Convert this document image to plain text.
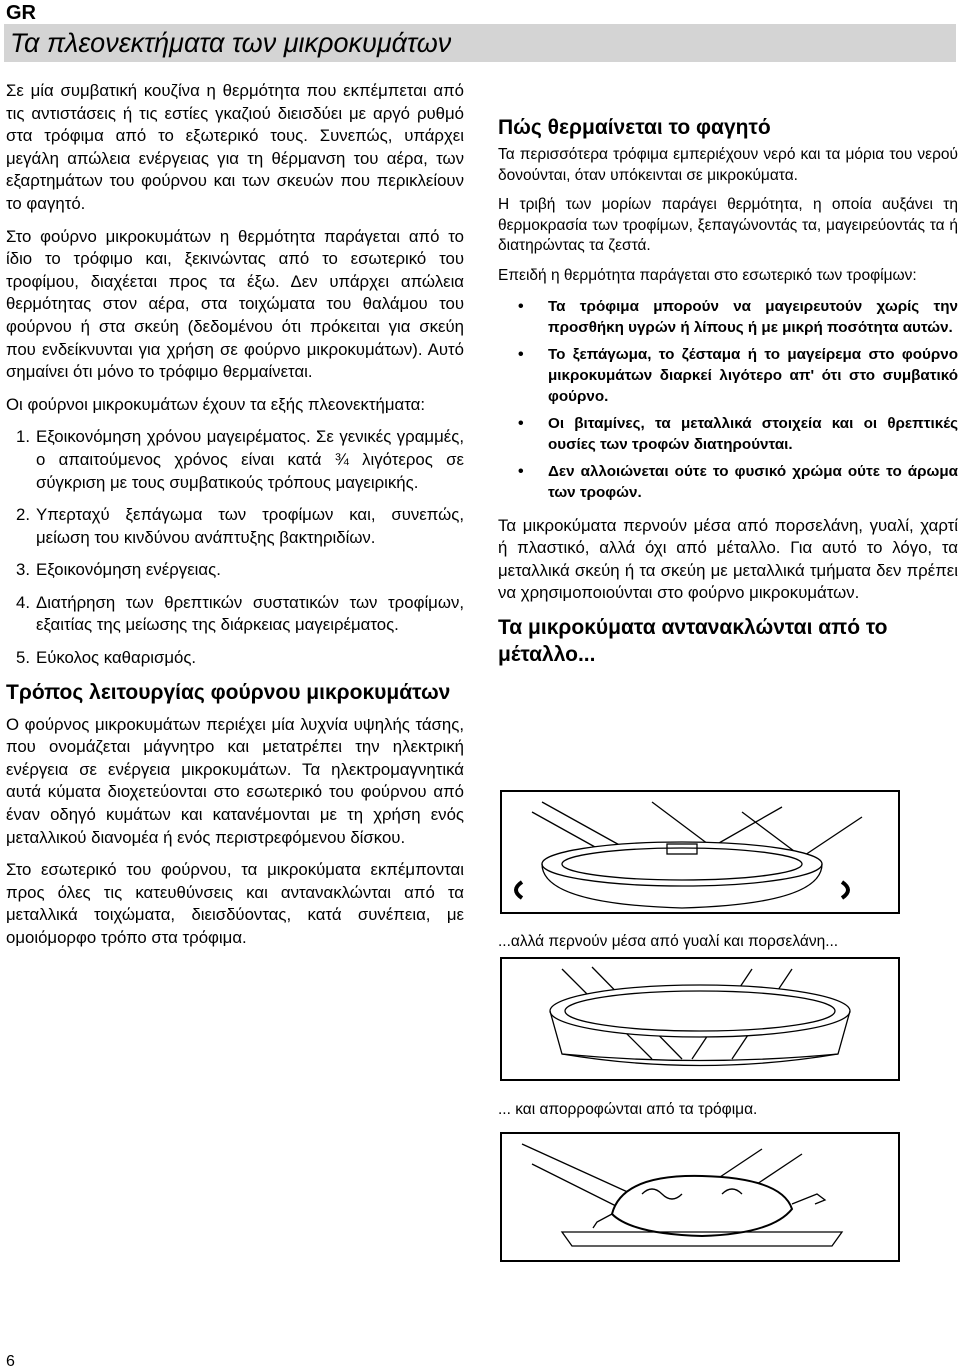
GR
Τα πλεονεκτήματα των μικροκυμάτων

Σε μία συμβατική κουζίνα η θερμότητα που εκπέμπεται από τις αντιστάσεις ή τις εστίες γκαζιού διεισδύει με αργό ρυθμό στα τρόφιμα από το εξωτερικό τους. Συνεπώς, υπάρχει μεγάλη απώλεια ενέργειας για τη θέρμανση του αέρα, των εξαρτημάτων του φούρνου και των σκευών που περικλείουν το φαγητό.

Στο φούρνο μικροκυμάτων η θερμότητα παράγεται από το ίδιο το τρόφιμο και, ξεκινώντας από το εσωτερικό του τροφίμου, διαχέεται προς τα έξω. Δεν υπάρχει απώλεια θερμότητας στον αέρα, στα τοιχώματα του θαλάμου του φούρνου ή στα σκεύη (δεδομένου ότι πρόκειται για σκεύη που ενδείκνυνται για χρήση σε φούρνο μικροκυμάτων). Αυτό σημαίνει ότι μόνο το τρόφιμο θερμαίνεται.

Οι φούρνοι μικροκυμάτων έχουν τα εξής πλεονεκτήματα:

1. Εξοικονόμηση χρόνου μαγειρέματος. Σε γενικές γραμμές, ο απαιτούμενος χρόνος είναι κατά ¾ λιγότερος σε σύγκριση με τους συμβατικούς τρόπους μαγειρικής.
2. Υπερταχύ ξεπάγωμα των τροφίμων και, συνεπώς, μείωση του κινδύνου ανάπτυξης βακτηριδίων.
3. Εξοικονόμηση ενέργειας.
4. Διατήρηση των θρεπτικών συστατικών των τροφίμων, εξαιτίας της μείωσης της διάρκειας μαγειρέματος.
5. Εύκολος καθαρισμός.
Τρόπος λειτουργίας φούρνου μικροκυμάτων

Ο φούρνος μικροκυμάτων περιέχει μία λυχνία υψηλής τάσης, που ονομάζεται μάγνητρο και μετατρέπει την ηλεκτρική ενέργεια σε ενέργεια μικροκυμάτων. Τα ηλεκτρομαγνητικά αυτά κύματα διοχετεύονται στο εσωτερικό του φούρνου από έναν οδηγό κυμάτων και κατανέμονται με τη χρήση ενός μεταλλικού διανομέα ή ενός περιστρεφόμενου δίσκου.

Στο εσωτερικό του φούρνου, τα μικροκύματα εκπέμπονται προς όλες τις κατευθύνσεις και αντανακλώνται από τα μεταλλικά τοιχώματα, διεισδύοντας, κατά συνέπεια, με ομοιόμορφο τρόπο στα τρόφιμα.

Πώς θερμαίνεται το φαγητό

Τα περισσότερα τρόφιμα εμπεριέχουν νερό και τα μόρια του νερού δονούνται, όταν υπόκεινται σε μικροκύματα.

Η τριβή των μορίων παράγει θερμότητα, η οποία αυξάνει τη θερμοκρασία των τροφίμων, ξεπαγώνοντάς τα, μαγειρεύοντάς τα ή διατηρώντας τα ζεστά.

Επειδή η θερμότητα παράγεται στο εσωτερικό των τροφίμων:

• Τα τρόφιμα μπορούν να μαγειρευτούν χωρίς την προσθήκη υγρών ή λίπους ή με μικρή ποσότητα αυτών.
• Το ξεπάγωμα, το ζέσταμα ή το μαγείρεμα στο φούρνο μικροκυμάτων διαρκεί λιγότερο απ' ότι στο συμβατικό φούρνο.
• Οι βιταμίνες, τα μεταλλικά στοιχεία και οι θρεπτικές ουσίες των τροφών διατηρούνται.
• Δεν αλλοιώνεται ούτε το φυσικό χρώμα ούτε το άρωμα των τροφών.

Τα μικροκύματα περνούν μέσα από πορσελάνη, γυαλί, χαρτί ή πλαστικό, αλλά όχι από μέταλλο. Για αυτό το λόγο, τα μεταλλικά σκεύη ή τα σκεύη με μεταλλικά τμήματα δεν πρέπει να χρησιμοποιούνται στο φούρνο μικροκυμάτων.

Τα μικροκύματα αντανακλώνται από το μέταλλο...
...αλλά περνούν μέσα από γυαλί και πορσελάνη...
... και απορροφώνται από τα τρόφιμα.
6
